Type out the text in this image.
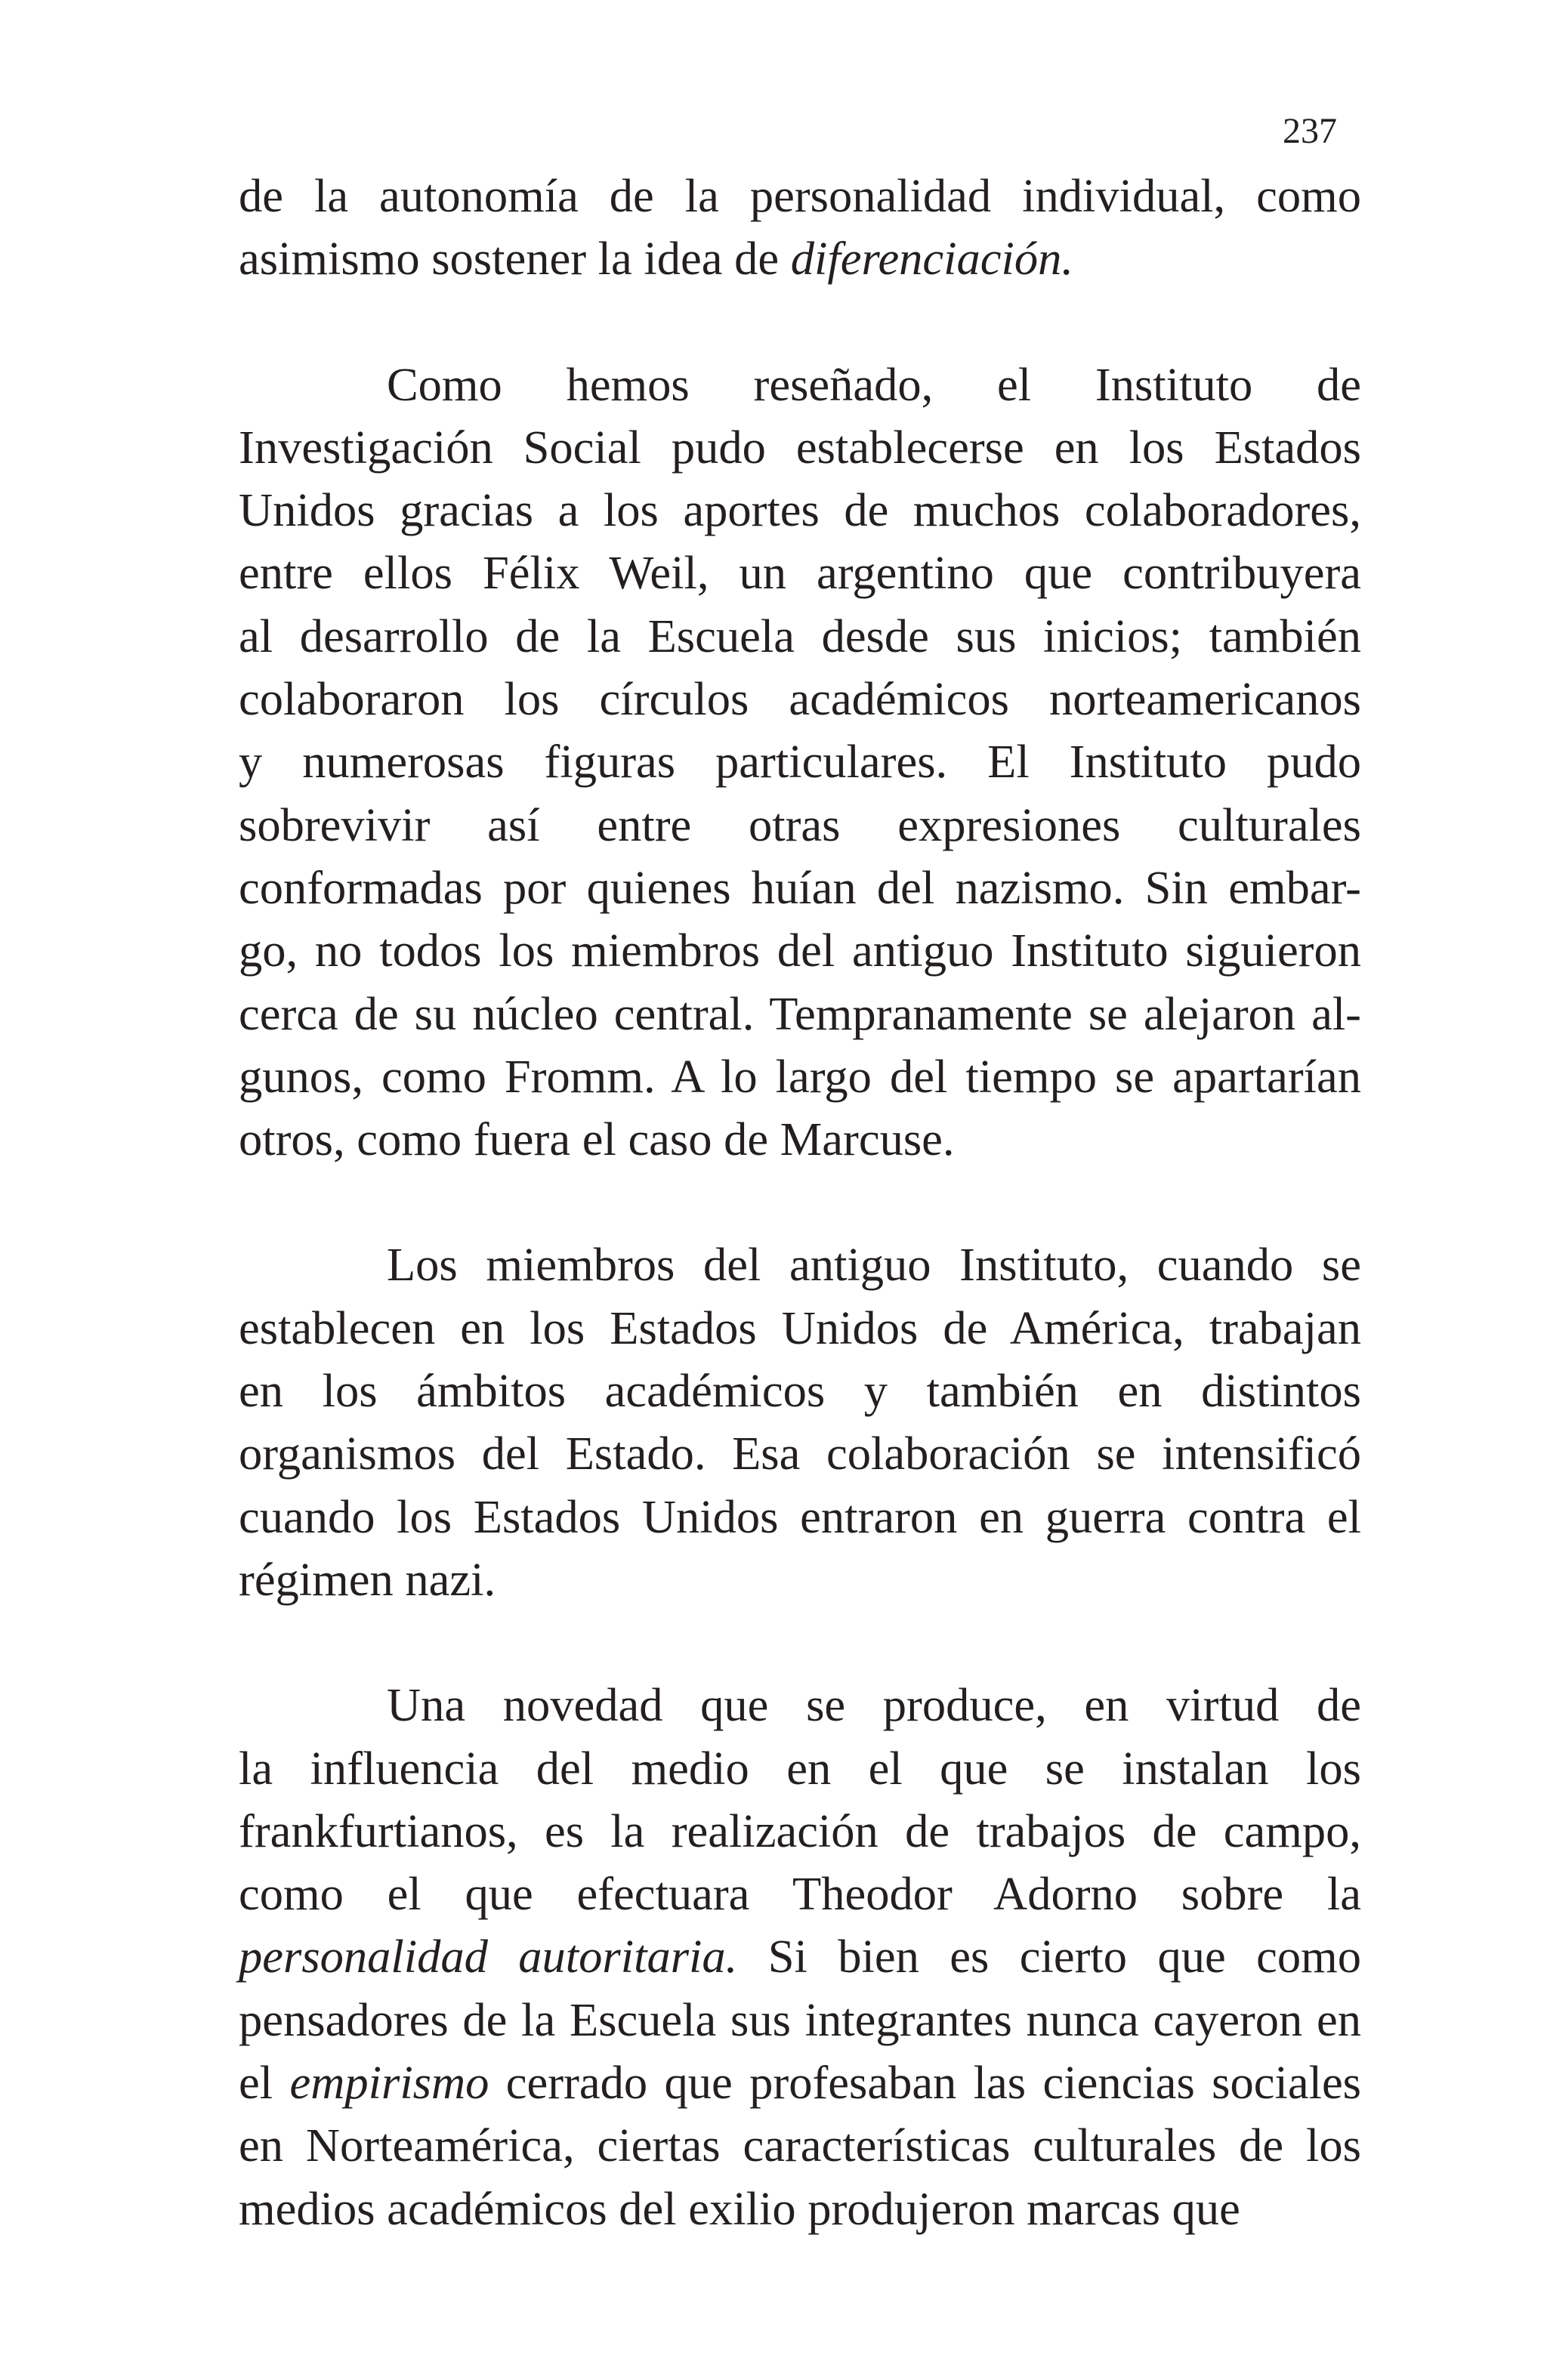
237
de la autonomía de la personalidad individual, como
asimismo sostener la idea de diferenciación.
Como hemos reseñado, el Instituto de
Investigación Social pudo establecerse en los Estados
Unidos gracias a los aportes de muchos colaboradores,
entre ellos Félix Weil, un argentino que contribuyera
al desarrollo de la Escuela desde sus inicios; también
colaboraron los círculos académicos norteamericanos
y numerosas figuras particulares. El Instituto pudo
sobrevivir así entre otras expresiones culturales
conformadas por quienes huían del nazismo. Sin embar-
go, no todos los miembros del antiguo Instituto siguieron
cerca de su núcleo central. Tempranamente se alejaron al-
gunos, como Fromm. A lo largo del tiempo se apartarían
otros, como fuera el caso de Marcuse.
Los miembros del antiguo Instituto, cuando se
establecen en los Estados Unidos de América, trabajan
en los ámbitos académicos y también en distintos
organismos del Estado. Esa colaboración se intensificó
cuando los Estados Unidos entraron en guerra contra el
régimen nazi.
Una novedad que se produce, en virtud de
la influencia del medio en el que se instalan los
frankfurtianos, es la realización de trabajos de campo,
como el que efectuara Theodor Adorno sobre la
personalidad autoritaria. Si bien es cierto que como
pensadores de la Escuela sus integrantes nunca cayeron en
el empirismo cerrado que profesaban las ciencias sociales
en Norteamérica, ciertas características culturales de los
medios académicos del exilio produjeron marcas que
